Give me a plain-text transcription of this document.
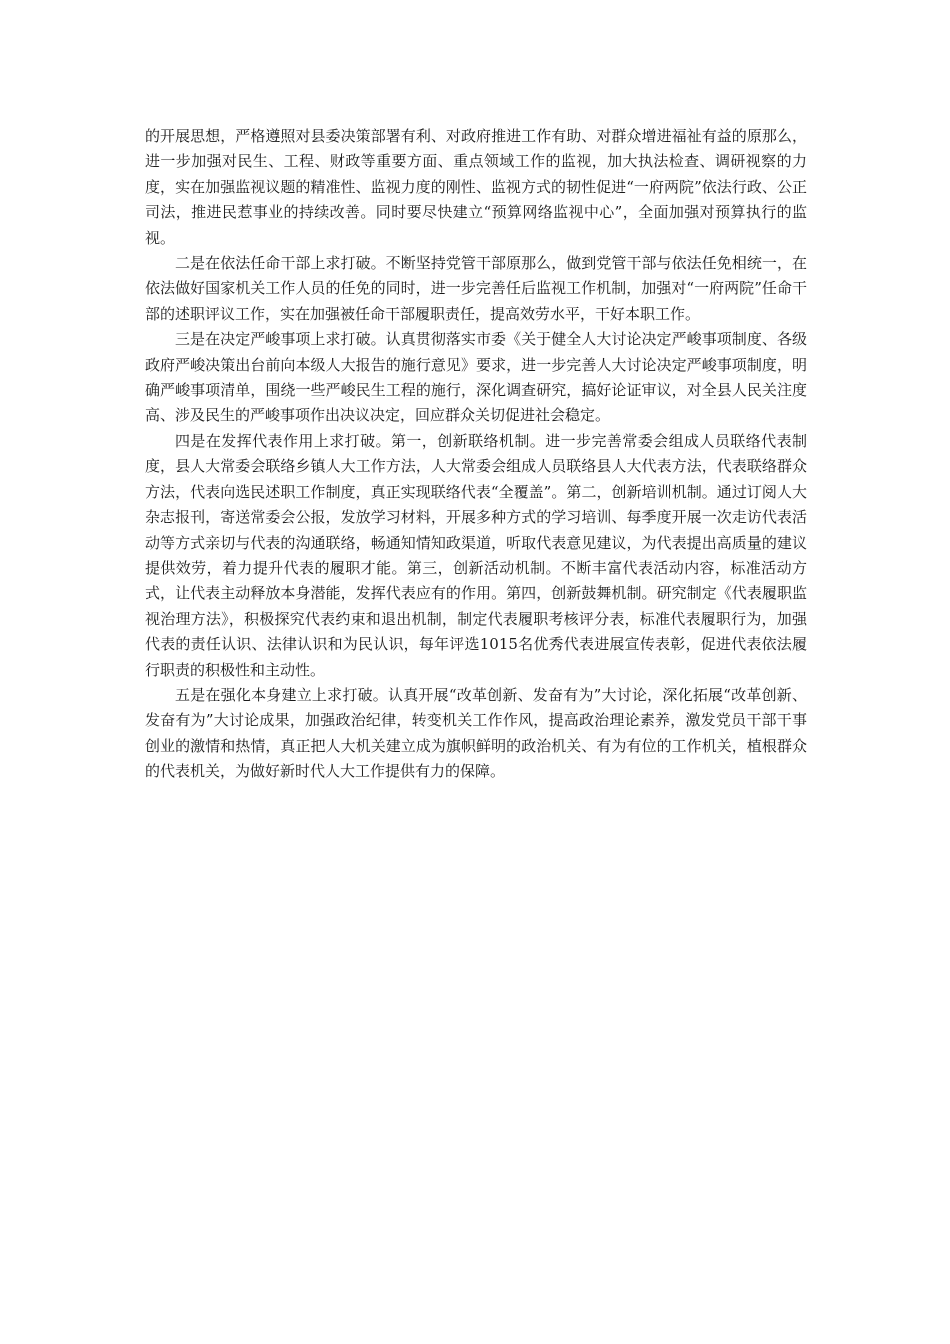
的开展思想，严格遵照对县委决策部署有利、对政府推进工作有助、对群众增进福祉有益的原那么，进一步加强对民生、工程、财政等重要方面、重点领域工作的监视，加大执法检查、调研视察的力度，实在加强监视议题的精准性、监视力度的刚性、监视方式的韧性促进“一府两院”依法行政、公正司法，推进民惹事业的持续改善。同时要尽快建立“预算网络监视中心”，全面加强对预算执行的监视。

二是在依法任命干部上求打破。不断坚持党管干部原那么，做到党管干部与依法任免相统一，在依法做好国家机关工作人员的任免的同时，进一步完善任后监视工作机制，加强对“一府两院”任命干部的述职评议工作，实在加强被任命干部履职责任，提高效劳水平，干好本职工作。

三是在决定严峻事项上求打破。认真贯彻落实市委《关于健全人大讨论决定严峻事项制度、各级政府严峻决策出台前向本级人大报告的施行意见》要求，进一步完善人大讨论决定严峻事项制度，明确严峻事项清单，围绕一些严峻民生工程的施行，深化调查研究，搞好论证审议，对全县人民关注度高、涉及民生的严峻事项作出决议决定，回应群众关切促进社会稳定。

四是在发挥代表作用上求打破。第一，创新联络机制。进一步完善常委会组成人员联络代表制度，县人大常委会联络乡镇人大工作方法，人大常委会组成人员联络县人大代表方法，代表联络群众方法，代表向选民述职工作制度，真正实现联络代表“全覆盖”。第二，创新培训机制。通过订阅人大杂志报刊，寄送常委会公报，发放学习材料，开展多种方式的学习培训、每季度开展一次走访代表活动等方式亲切与代表的沟通联络，畅通知情知政渠道，听取代表意见建议，为代表提出高质量的建议提供效劳，着力提升代表的履职才能。第三，创新活动机制。不断丰富代表活动内容，标准活动方式，让代表主动释放本身潜能，发挥代表应有的作用。第四，创新鼓舞机制。研究制定《代表履职监视治理方法》，积极探究代表约束和退出机制，制定代表履职考核评分表，标准代表履职行为，加强代表的责任认识、法律认识和为民认识，每年评选1015名优秀代表进展宣传表彰，促进代表依法履行职责的积极性和主动性。

五是在强化本身建立上求打破。认真开展“改革创新、发奋有为”大讨论，深化拓展“改革创新、发奋有为”大讨论成果，加强政治纪律，转变机关工作作风，提高政治理论素养，激发党员干部干事创业的激情和热情，真正把人大机关建立成为旗帜鲜明的政治机关、有为有位的工作机关，植根群众的代表机关，为做好新时代人大工作提供有力的保障。
